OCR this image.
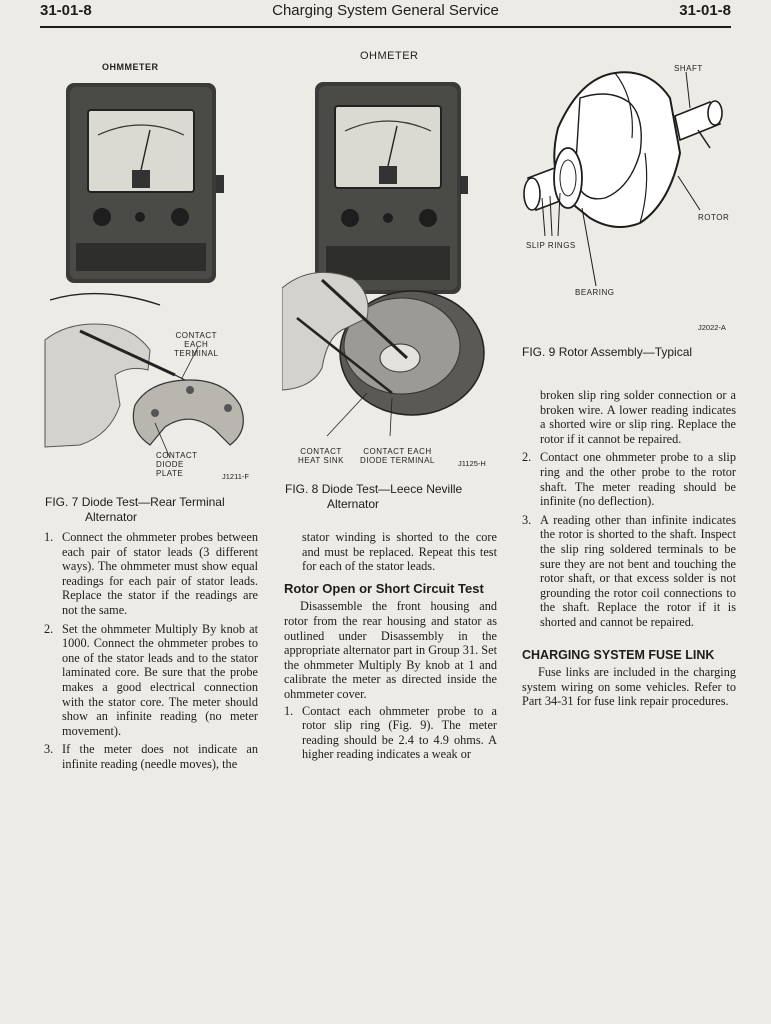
31-01-8	Charging System General Service	31-01-8
OHMMETER
CONTACT
EACH
TERMINAL
CONTACT
DIODE
PLATE	J1211-F
FIG. 7 Diode Test—Rear Terminal
Alternator
OHMETER
CONTACT
HEAT SINK
CONTACT EACH
DIODE TERMINAL	J1125-H
FIG. 8 Diode Test—Leece Neville
Alternator
SHAFT
ROTOR
SLIP RINGS
BEARING
J2022-A
FIG. 9 Rotor Assembly—Typical
1. Connect the ohmmeter probes between each pair of stator leads (3 different ways). The ohmmeter must show equal readings for each pair of stator leads. Replace the stator if the readings are not the same.
2. Set the ohmmeter Multiply By knob at 1000. Connect the ohmmeter probes to one of the stator leads and to the stator laminated core. Be sure that the probe makes a good electrical connection with the stator core. The meter should show an infinite reading (no meter movement).
3. If the meter does not indicate an infinite reading (needle moves), the

stator winding is shorted to the core and must be replaced. Repeat this test for each of the stator leads.

Rotor Open or Short Circuit Test

Disassemble the front housing and rotor from the rear housing and stator as outlined under Disassembly in the appropriate alternator part in Group 31. Set the ohmmeter Multiply By knob at 1 and calibrate the meter as directed inside the ohmmeter cover.

1. Contact each ohmmeter probe to a rotor slip ring (Fig. 9). The meter reading should be 2.4 to 4.9 ohms. A higher reading indicates a weak or

broken slip ring solder connection or a broken wire. A lower reading indicates a shorted wire or slip ring. Replace the rotor if it cannot be repaired.

2. Contact one ohmmeter probe to a slip ring and the other probe to the rotor shaft. The meter reading should be infinite (no deflection).
3. A reading other than infinite indicates the rotor is shorted to the shaft. Inspect the slip ring soldered terminals to be sure they are not bent and touching the rotor shaft, or that excess solder is not grounding the rotor coil connections to the shaft. Replace the rotor if it is shorted and cannot be repaired.

CHARGING SYSTEM FUSE LINK

Fuse links are included in the charging system wiring on some vehicles. Refer to Part 34-31 for fuse link repair procedures.
